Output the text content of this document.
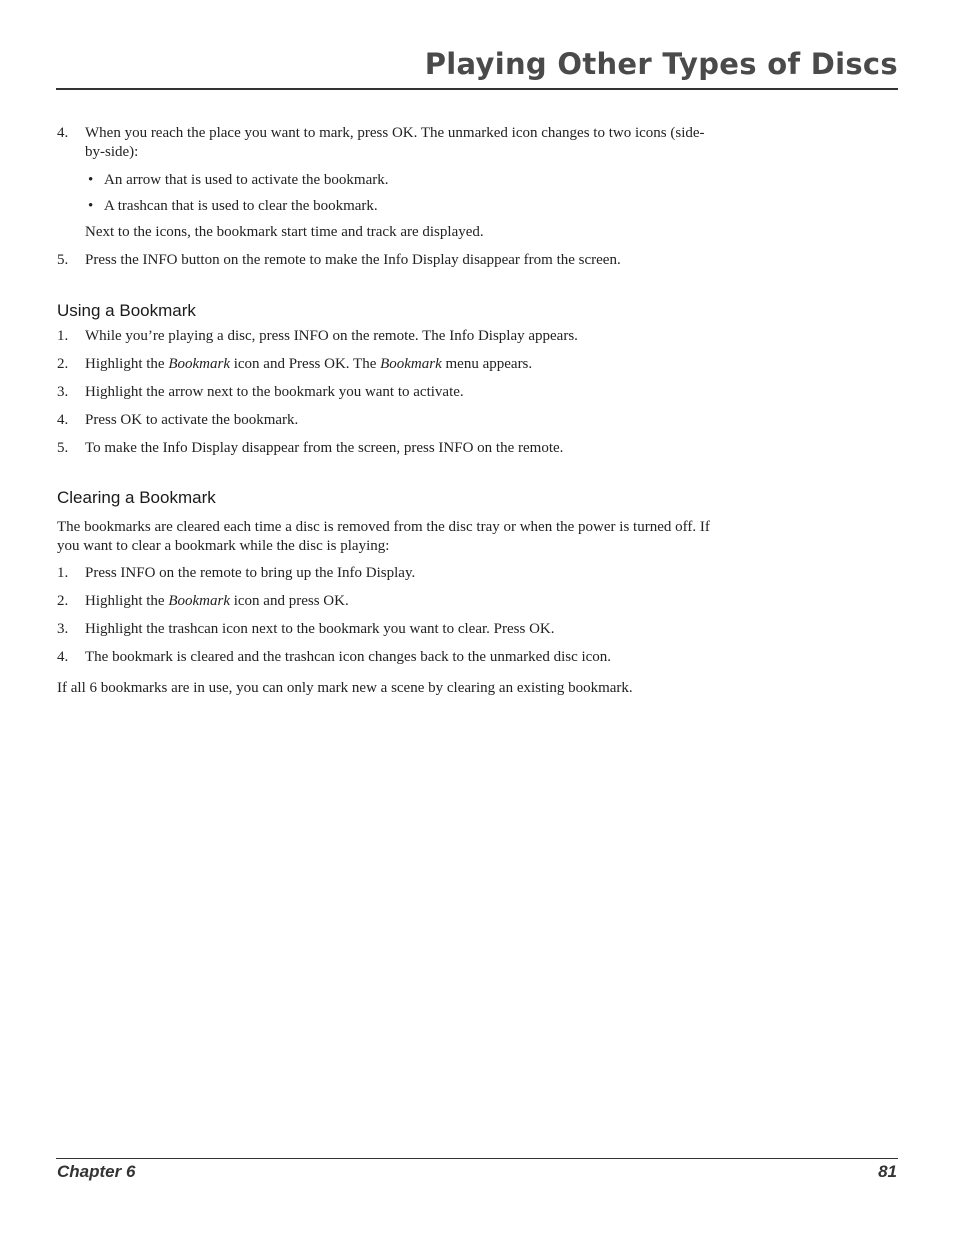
Playing Other Types of Discs
4. When you reach the place you want to mark, press OK. The unmarked icon changes to two icons (side-by-side):
• An arrow that is used to activate the bookmark.
• A trashcan that is used to clear the bookmark.
Next to the icons, the bookmark start time and track are displayed.
5. Press the INFO button on the remote to make the Info Display disappear from the screen.
Using a Bookmark
1. While you’re playing a disc, press INFO on the remote. The Info Display appears.
2. Highlight the Bookmark icon and Press OK. The Bookmark menu appears.
3. Highlight the arrow next to the bookmark you want to activate.
4. Press OK to activate the bookmark.
5. To make the Info Display disappear from the screen, press INFO on the remote.
Clearing a Bookmark
The bookmarks are cleared each time a disc is removed from the disc tray or when the power is turned off. If you want to clear a bookmark while the disc is playing:
1. Press INFO on the remote to bring up the Info Display.
2. Highlight the Bookmark icon and press OK.
3. Highlight the trashcan icon next to the bookmark you want to clear. Press OK.
4. The bookmark is cleared and the trashcan icon changes back to the unmarked disc icon.
If all 6 bookmarks are in use, you can only mark new a scene by clearing an existing bookmark.
Chapter 6	81
